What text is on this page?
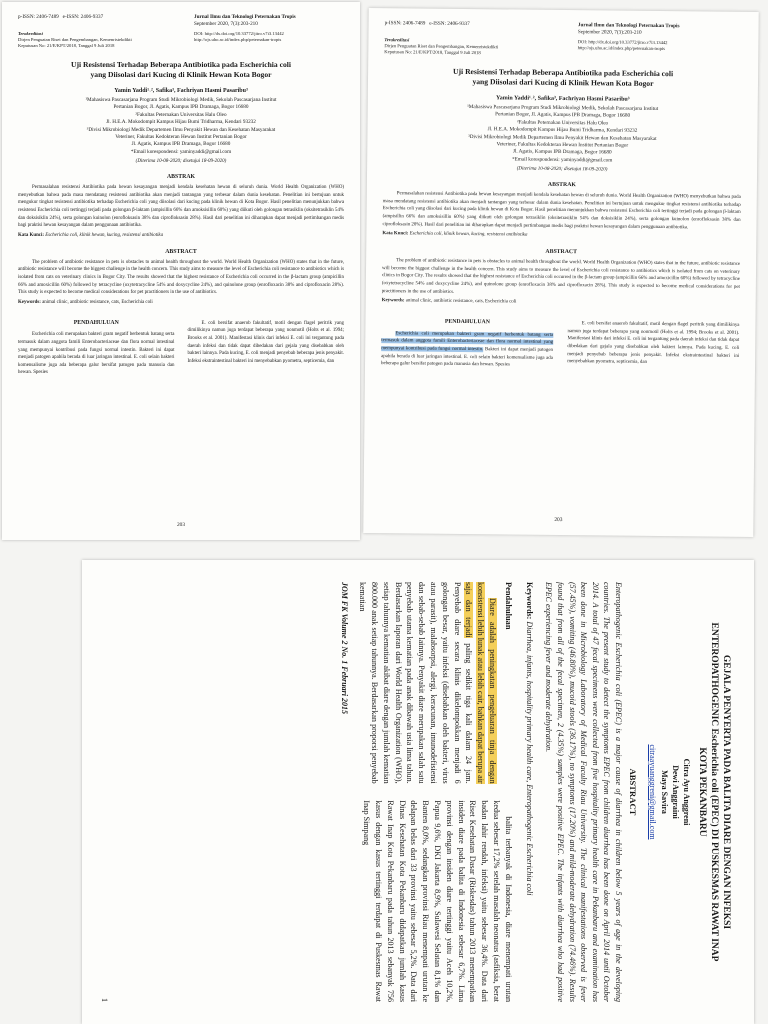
p-ISSN: 2406-7489 e-ISSN: 2406-9337	Jurnal Ilmu dan Teknologi Peternakan Tropis
September 2020, 7(3):203-210
Terakreditasi
Dirjen Penguatan Riset dan Pengembangan, Kemenristekdikti
Keputusan No: 21/E/KPT/2018, Tanggal 9 Juli 2018
DOI: http://dx.doi.org/10.33772/jitro.v7i3.13442
http://ojs.uho.ac.id/index.php/peternakan-tropis
Uji Resistensi Terhadap Beberapa Antibiotika pada Escherichia coli
yang Diisolasi dari Kucing di Klinik Hewan Kota Bogor
Yamin Yaddi¹˒², Safika³, Fachriyan Hasmi Pasaribu³
¹Mahasiswa Pascasarjana Program Studi Mikrobiologi Medik, Sekolah Pascasarjana Institut
Pertanian Bogor, Jl. Agatis, Kampus IPB Dramaga, Bogor 16680
²Fakultas Peternakan Universitas Halu Oleo
Jl. H.E.A. Mokodompit Kampus Hijau Bumi Tridharma, Kendari 93232
³Divisi Mikrobiologi Medik Departemen Ilmu Penyakit Hewan dan Kesehatan Masyarakat
Veteriner, Fakultas Kedokteran Hewan Institut Pertanian Bogor
Jl. Agatis, Kampus IPB Dramaga, Bogor 16680
*Email korespondensi: yaminyaddi@gmail.com
(Diterima 10-08-2020; disetujui 18-09-2020)
ABSTRAK
Permasalahan resistensi Antibiotika pada hewan kesayangan menjadi kendala kesehatan hewan di seluruh dunia. World Health Organization (WHO) menyebutkan bahwa pada masa mendatang resistensi antibiotika akan menjadi tantangan yang terbesar dalam dunia kesehatan. Penelitian ini bertujuan untuk mengukur tingkat resistensi antibiotika terhadap Escherichia coli yang diisolasi dari kucing pada klinik hewan di Kota Bogor. Hasil penelitian menunjukkan bahwa resistensi Escherichia coli tertinggi terjadi pada golongan β-laktam (ampisillin 66% dan amoksisillin 60%) yang diikuti oleh golongan tetrasiklin (oksitetrasiklin 54% dan doksisiklin 24%), serta golongan kuinolon (enrofloksasin 38% dan ciprofloksasin 28%). Hasil dari penelitian ini diharapkan dapat menjadi pertimbangan medis bagi praktisi hewan kesayangan dalam penggunaan antibiotika.
Kata Kunci: Escherichia coli, klinik hewan, kucing, resistensi antibiotika
ABSTRACT
The problem of antibiotic resistance in pets is obstacles to animal health throughout the world. World Health Organization (WHO) states that in the future, antibiotic resistance will become the biggest challenge in the health concern. This study aims to measure the level of Escherichia coli resistance to antibiotics which is isolated from cats on veterinary clinics in Bogor City. The results showed that the highest resistance of Escherichia coli occurred in the β-lactam group (ampicillin 66% and amoxicillin 60%) followed by tetracycline (oxytetracycline 54% and doxycycline 24%), and quinolone group (enrofloxacin 38% and ciprofloxacin 28%). This study is expected to become medical considerations for pet practitioners in the use of antibiotics.
Keywords: animal clinic, antibiotic resistance, cats, Escherichia coli
PENDAHULUAN

Escherichia coli merupakan bakteri gram negatif berbentuk batang serta termasuk dalam anggota famili Enterobacteriaceae dan flora normal intestinal yang mempunyai kontribusi pada fungsi normal intestin. Bakteri ini dapat menjadi patogen apabila berada di luar jaringan intestinal. E. coli selain bakteri komensalisme juga ada beberapa galur bersifat patogen pada manusia dan hewan. Spesies

E. coli bersifat anaerob fakultatif, motil dengan flagel peritrik yang dimilikinya namun juga terdapat beberapa yang nonmotil (Holts et al. 1994; Brooks et al. 2001). Manifestasi klinis dari infeksi E. coli ini tergantung pada daerah infeksi dan tidak dapat dibedakan dari gejala yang disebabkan oleh bakteri lainnya. Pada kucing, E. coli menjadi penyebab beberapa jenis penyakit. Infeksi ekstraintestinal bakteri ini menyebabkan pyometra, septicemia, dan

203
p-ISSN: 2406-7489 e-ISSN: 2406-9337	Jurnal Ilmu dan Teknologi Peternakan Tropis
September 2020, 7(3):203-210
Terakreditasi
Dirjen Penguatan Riset dan Pengembangan, Kemenristekdikti
Keputusan No: 21/E/KPT/2018, Tanggal 9 Juli 2018
DOI: http://dx.doi.org/10.33772/jitro.v7i3.13442
http://ojs.uho.ac.id/index.php/peternakan-tropis
Uji Resistensi Terhadap Beberapa Antibiotika pada Escherichia coli
yang Diisolasi dari Kucing di Klinik Hewan Kota Bogor
Yamin Yaddi¹˒², Safika³, Fachriyan Hasmi Pasaribu³
¹Mahasiswa Pascasarjana Program Studi Mikrobiologi Medik, Sekolah Pascasarjana Institut
Pertanian Bogor, Jl. Agatis, Kampus IPB Dramaga, Bogor 16680
²Fakultas Peternakan Universitas Halu Oleo
Jl. H.E.A. Mokodompit Kampus Hijau Bumi Tridharma, Kendari 93232
³Divisi Mikrobiologi Medik Departemen Ilmu Penyakit Hewan dan Kesehatan Masyarakat
Veteriner, Fakultas Kedokteran Hewan Institut Pertanian Bogor
Jl. Agatis, Kampus IPB Dramaga, Bogor 16680
*Email korespondensi: yaminyaddi@gmail.com
(Diterima 10-08-2020; disetujui 18-09-2020)
ABSTRAK
Permasalahan resistensi Antibiotika pada hewan kesayangan menjadi kendala kesehatan hewan di seluruh dunia. World Health Organization (WHO) menyebutkan bahwa pada masa mendatang resistensi antibiotika akan menjadi tantangan yang terbesar dalam dunia kesehatan. Penelitian ini bertujuan untuk mengukur tingkat resistensi antibiotika terhadap Escherichia coli yang diisolasi dari kucing pada klinik hewan di Kota Bogor. Hasil penelitian menunjukkan bahwa resistensi Escherichia coli tertinggi terjadi pada golongan β-laktam (ampisillin 66% dan amoksisillin 60%) yang diikuti oleh golongan tetrasiklin (oksitetrasiklin 54% dan doksisiklin 24%), serta golongan kuinolon (enrofloksasin 38% dan ciprofloksasin 28%). Hasil dari penelitian ini diharapkan dapat menjadi pertimbangan medis bagi praktisi hewan kesayangan dalam penggunaan antibiotika.
Kata Kunci: Escherichia coli, klinik hewan, kucing, resistensi antibiotika
ABSTRACT
The problem of antibiotic resistance in pets is obstacles to animal health throughout the world. World Health Organization (WHO) states that in the future, antibiotic resistance will become the biggest challenge in the health concern. This study aims to measure the level of Escherichia coli resistance to antibiotics which is isolated from cats on veterinary clinics in Bogor City. The results showed that the highest resistance of Escherichia coli occurred in the β-lactam group (ampicillin 66% and amoxicillin 60%) followed by tetracycline (oxytetracycline 54% and doxycycline 24%), and quinolone group (enrofloxacin 38% and ciprofloxacin 28%). This study is expected to become medical considerations for pet practitioners in the use of antibiotics.
Keywords: animal clinic, antibiotic resistance, cats, Escherichia coli
PENDAHULUAN

Escherichia coli merupakan bakteri gram negatif berbentuk batang serta termasuk dalam anggota famili Enterobacteriaceae dan flora normal intestinal yang mempunyai kontribusi pada fungsi normal intestin. Bakteri ini dapat menjadi patogen apabila berada di luar jaringan intestinal. E. coli selain bakteri komensalisme juga ada beberapa galur bersifat patogen pada manusia dan hewan. Spesies

E. coli bersifat anaerob fakultatif, motil dengan flagel peritrik yang dimilikinya namun juga terdapat beberapa yang nonmotil (Holts et al. 1994; Brooks et al. 2001). Manifestasi klinis dari infeksi E. coli ini tergantung pada daerah infeksi dan tidak dapat dibedakan dari gejala yang disebabkan oleh bakteri lainnya. Pada kucing, E. coli menjadi penyebab beberapa jenis penyakit. Infeksi ekstraintestinal bakteri ini menyebabkan pyometra, septicemia, dan

203
GEJALA PENYERTA PADA BALITA DIARE DENGAN INFEKSI
ENTEROPATHOGENIC Escherichia coli (EPEC) DI PUSKESMAS RAWAT INAP
KOTA PEKANBARU
Citra Ayu Anggreni
Dewi Anggraini
Maya Savira
citraayuanggreni@gmail.com
ABSTRACT
Enteropathogenic Escherichia coli (EPEC) is a major cause of diarrhea in children below 5 years of age in the developing countries. The present study to detect the symptoms EPEC from children diarrhea has been done on April 2014 until October 2014. A total of 47 fecal specimens were collected from five hospitality primary health care in Pekanbaru and examination has been done in Microbiology Laboratory of Medical Faculty Riau University. The clinical manifestations observed is fever (57.45%), vomiting (46.80%), mucoid stools (36.17%), no symptoms (17.20%) and mild-moderate dehydration (74.46%). Results found that from all of the fecal specimen, 2 (4.35%) samples were positive EPEC. The infants with diarrhea who had positive EPEC experiencing fever and moderate dehydration.
Keywords: Diarrhea, infants, hospitality primary health care, Enteropathogenic Escherichia coli
Pendahuluan

Diare adalah peningkatan pengeluaran tinja dengan konsistensi lebih lunak atau lebih cair, bahkan dapat berupa air saja dan terjadi paling sedikit tiga kali dalam 24 jam. Penyebab diare secara klinis dikelompokkan menjadi 6 golongan besar, yaitu infeksi (disebabkan oleh bakteri, virus atau parasit), malabsorpsi, alergi, keracunan, imunodefisiensi dan sebab-sebab lainnya. Penyakit diare merupakan salah satu penyebab utama kematian pada anak dibawah usia lima tahun. Berdasarkan laporan dari World Health Organization (WHO), setiap tahunnya kematian akibat diare dengan jumlah kematian 800.000 anak setiap tahunnya. Berdasarkan proporsi penyebab kematian

JOM FK Volume 2 No. 1 Februari 2015

balita terbanyak di Indonesia, diare menempati urutan kedua sebesar 17,2% setelah masalah neonatus (asfiksia, berat badan lahir rendah, infeksi) yaitu sebesar 36,4%. Data dari Riset Kesehatan Dasar (Riskesdas) tahun 2013 menempatkan insiden diare pada balita di Indonesia sebesar 6,7%. Lima provinsi dengan insiden diare tertinggi yaitu Aceh 10,2%, Papua 9,6%, DKI Jakarta 8,9%, Sulawesi Selatan 8,1% dan Banten 8,0%, sedangkan provinsi Riau menempati urutan ke delapan belas dari 33 provinsi yaitu sebesar 5,2%. Data dari Dinas Kesehatan Kota Pekanbaru didapatkan jumlah kasus Rawat Inap Kota Pekanbaru pada tahun 2013 sebanyak 756 kasus dengan kasus tertinggi terdapat di Puskesmas Rawat Inap Simpang

1
